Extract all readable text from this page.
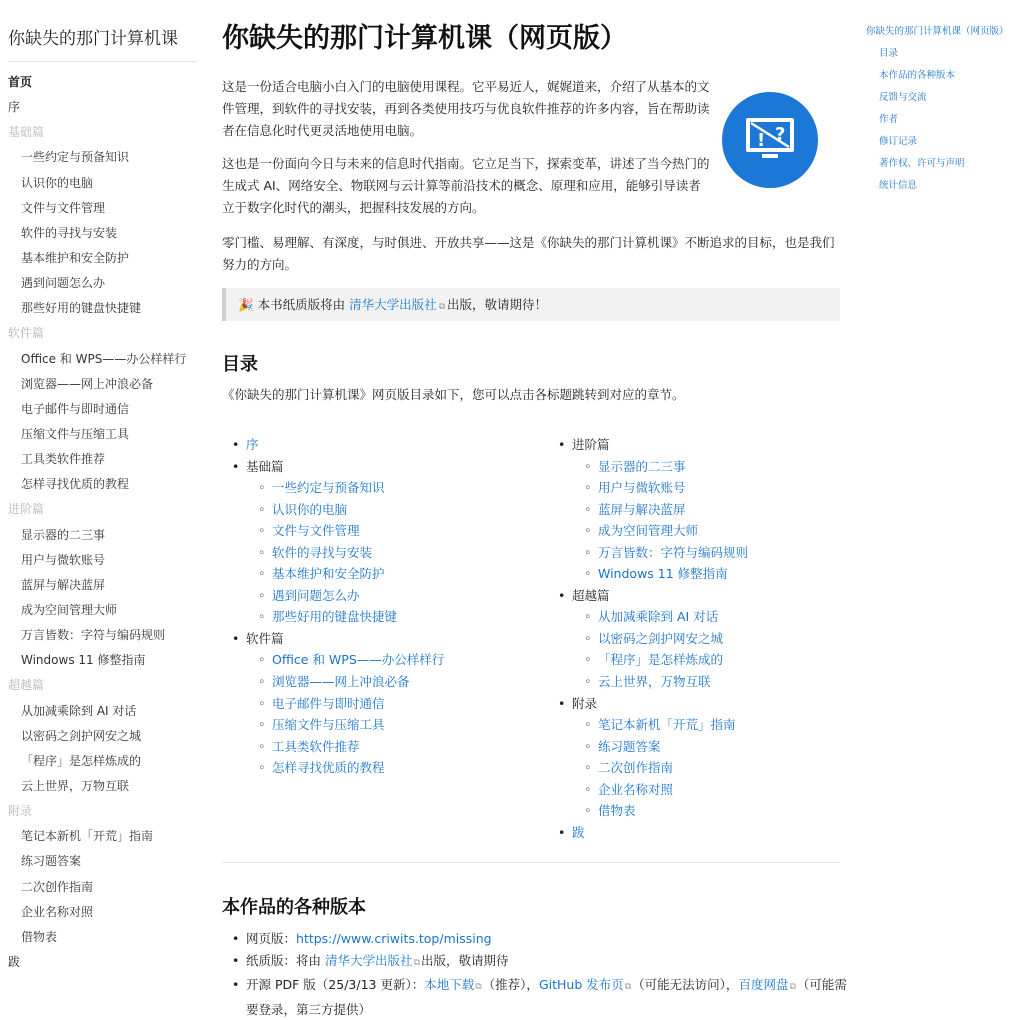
你缺失的那门计算机课
首页
序
基础篇
一些约定与预备知识
认识你的电脑
文件与文件管理
软件的寻找与安装
基本维护和安全防护
遇到问题怎么办
那些好用的键盘快捷键
软件篇
Office 和 WPS——办公样样行
浏览器——网上冲浪必备
电子邮件与即时通信
压缩文件与压缩工具
工具类软件推荐
怎样寻找优质的教程
进阶篇
显示器的二三事
用户与微软账号
蓝屏与解决蓝屏
成为空间管理大师
万言皆数：字符与编码规则
Windows 11 修整指南
超越篇
从加减乘除到 AI 对话
以密码之剑护网安之城
「程序」是怎样炼成的
云上世界，万物互联
附录
笔记本新机「开荒」指南
练习题答案
二次创作指南
企业名称对照
借物表
跋
你缺失的那门计算机课（网页版）

这是一份适合电脑小白入门的电脑使用课程。它平易近人，娓娓道来，介绍了从基本的文件管理，到软件的寻找安装，再到各类使用技巧与优良软件推荐的许多内容，旨在帮助读者在信息化时代更灵活地使用电脑。

这也是一份面向今日与未来的信息时代指南。它立足当下，探索变革，讲述了当今热门的生成式 AI、网络安全、物联网与云计算等前沿技术的概念、原理和应用，能够引导读者立于数字化时代的潮头，把握科技发展的方向。

! ?

零门槛、易理解、有深度，与时俱进、开放共享——这是《你缺失的那门计算机课》不断追求的目标，也是我们努力的方向。

🎉 本书纸质版将由 清华大学出版社 ⧉ 出版，敬请期待！
目录

《你缺失的那门计算机课》网页版目录如下，您可以点击各标题跳转到对应的章节。

• 序
• 基础篇
◦ 一些约定与预备知识
◦ 认识你的电脑
◦ 文件与文件管理
◦ 软件的寻找与安装
◦ 基本维护和安全防护
◦ 遇到问题怎么办
◦ 那些好用的键盘快捷键
• 软件篇
◦ Office 和 WPS——办公样样行
◦ 浏览器——网上冲浪必备
◦ 电子邮件与即时通信
◦ 压缩文件与压缩工具
◦ 工具类软件推荐
◦ 怎样寻找优质的教程
• 进阶篇
◦ 显示器的二三事
◦ 用户与微软账号
◦ 蓝屏与解决蓝屏
◦ 成为空间管理大师
◦ 万言皆数：字符与编码规则
◦ Windows 11 修整指南
• 超越篇
◦ 从加减乘除到 AI 对话
◦ 以密码之剑护网安之城
◦ 「程序」是怎样炼成的
◦ 云上世界，万物互联
• 附录
◦ 笔记本新机「开荒」指南
◦ 练习题答案
◦ 二次创作指南
◦ 企业名称对照
◦ 借物表
• 跋
本作品的各种版本
• 网页版：https://www.criwits.top/missing
• 纸质版：将由 清华大学出版社⧉出版，敬请期待
• 开源 PDF 版（25/3/13 更新）：本地下载⧉（推荐），GitHub 发布页⧉（可能无法访问），百度网盘⧉（可能需要登录，第三方提供）
你缺失的那门计算机课（网页版）
目录
本作品的各种版本
反馈与交流
作者
修订记录
著作权、许可与声明
统计信息
